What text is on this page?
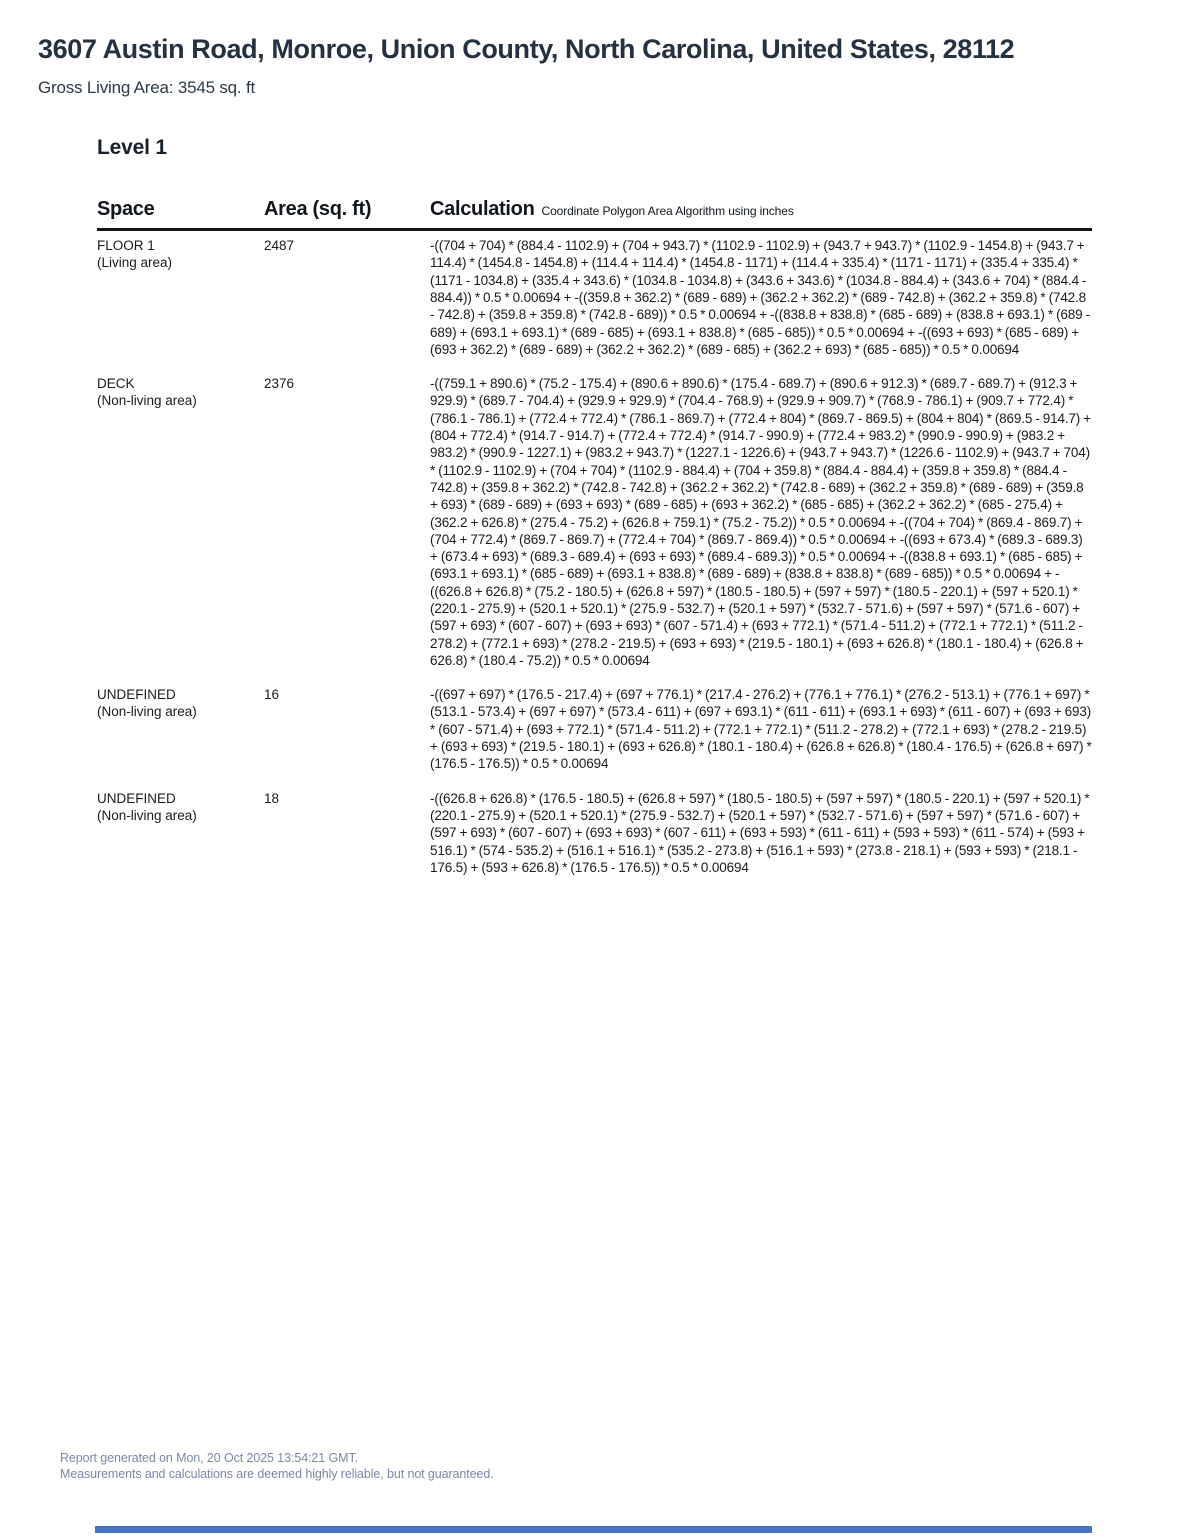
3607 Austin Road, Monroe, Union County, North Carolina, United States, 28112
Gross Living Area: 3545 sq. ft
Level 1
Space	Area (sq. ft)	Calculation Coordinate Polygon Area Algorithm using inches
FLOOR 1
(Living area)
2487	-((704 + 704) * (884.4 - 1102.9) + (704 + 943.7) * (1102.9 - 1102.9) + (943.7 + 943.7) * (1102.9 - 1454.8) + (943.7 + 114.4) * (1454.8 - 1454.8) + (114.4 + 114.4) * (1454.8 - 1171) + (114.4 + 335.4) * (1171 - 1171) + (335.4 + 335.4) * (1171 - 1034.8) + (335.4 + 343.6) * (1034.8 - 1034.8) + (343.6 + 343.6) * (1034.8 - 884.4) + (343.6 + 704) * (884.4 - 884.4)) * 0.5 * 0.00694 + -((359.8 + 362.2) * (689 - 689) + (362.2 + 362.2) * (689 - 742.8) + (362.2 + 359.8) * (742.8 - 742.8) + (359.8 + 359.8) * (742.8 - 689)) * 0.5 * 0.00694 + -((838.8 + 838.8) * (685 - 689) + (838.8 + 693.1) * (689 - 689) + (693.1 + 693.1) * (689 - 685) + (693.1 + 838.8) * (685 - 685)) * 0.5 * 0.00694 + -((693 + 693) * (685 - 689) + (693 + 362.2) * (689 - 689) + (362.2 + 362.2) * (689 - 685) + (362.2 + 693) * (685 - 685)) * 0.5 * 0.00694
DECK
(Non-living area)
2376	-((759.1 + 890.6) * (75.2 - 175.4) + (890.6 + 890.6) * (175.4 - 689.7) + (890.6 + 912.3) * (689.7 - 689.7) + (912.3 + 929.9) * (689.7 - 704.4) + (929.9 + 929.9) * (704.4 - 768.9) + (929.9 + 909.7) * (768.9 - 786.1) + (909.7 + 772.4) * (786.1 - 786.1) + (772.4 + 772.4) * (786.1 - 869.7) + (772.4 + 804) * (869.7 - 869.5) + (804 + 804) * (869.5 - 914.7) + (804 + 772.4) * (914.7 - 914.7) + (772.4 + 772.4) * (914.7 - 990.9) + (772.4 + 983.2) * (990.9 - 990.9) + (983.2 + 983.2) * (990.9 - 1227.1) + (983.2 + 943.7) * (1227.1 - 1226.6) + (943.7 + 943.7) * (1226.6 - 1102.9) + (943.7 + 704) * (1102.9 - 1102.9) + (704 + 704) * (1102.9 - 884.4) + (704 + 359.8) * (884.4 - 884.4) + (359.8 + 359.8) * (884.4 - 742.8) + (359.8 + 362.2) * (742.8 - 742.8) + (362.2 + 362.2) * (742.8 - 689) + (362.2 + 359.8) * (689 - 689) + (359.8 + 693) * (689 - 689) + (693 + 693) * (689 - 685) + (693 + 362.2) * (685 - 685) + (362.2 + 362.2) * (685 - 275.4) + (362.2 + 626.8) * (275.4 - 75.2) + (626.8 + 759.1) * (75.2 - 75.2)) * 0.5 * 0.00694 + -((704 + 704) * (869.4 - 869.7) + (704 + 772.4) * (869.7 - 869.7) + (772.4 + 704) * (869.7 - 869.4)) * 0.5 * 0.00694 + -((693 + 673.4) * (689.3 - 689.3) + (673.4 + 693) * (689.3 - 689.4) + (693 + 693) * (689.4 - 689.3)) * 0.5 * 0.00694 + -((838.8 + 693.1) * (685 - 685) + (693.1 + 693.1) * (685 - 689) + (693.1 + 838.8) * (689 - 689) + (838.8 + 838.8) * (689 - 685)) * 0.5 * 0.00694 + -((626.8 + 626.8) * (75.2 - 180.5) + (626.8 + 597) * (180.5 - 180.5) + (597 + 597) * (180.5 - 220.1) + (597 + 520.1) * (220.1 - 275.9) + (520.1 + 520.1) * (275.9 - 532.7) + (520.1 + 597) * (532.7 - 571.6) + (597 + 597) * (571.6 - 607) + (597 + 693) * (607 - 607) + (693 + 693) * (607 - 571.4) + (693 + 772.1) * (571.4 - 511.2) + (772.1 + 772.1) * (511.2 - 278.2) + (772.1 + 693) * (278.2 - 219.5) + (693 + 693) * (219.5 - 180.1) + (693 + 626.8) * (180.1 - 180.4) + (626.8 + 626.8) * (180.4 - 75.2)) * 0.5 * 0.00694
UNDEFINED
(Non-living area)
16	-((697 + 697) * (176.5 - 217.4) + (697 + 776.1) * (217.4 - 276.2) + (776.1 + 776.1) * (276.2 - 513.1) + (776.1 + 697) * (513.1 - 573.4) + (697 + 697) * (573.4 - 611) + (697 + 693.1) * (611 - 611) + (693.1 + 693) * (611 - 607) + (693 + 693) * (607 - 571.4) + (693 + 772.1) * (571.4 - 511.2) + (772.1 + 772.1) * (511.2 - 278.2) + (772.1 + 693) * (278.2 - 219.5) + (693 + 693) * (219.5 - 180.1) + (693 + 626.8) * (180.1 - 180.4) + (626.8 + 626.8) * (180.4 - 176.5) + (626.8 + 697) * (176.5 - 176.5)) * 0.5 * 0.00694
UNDEFINED
(Non-living area)
18	-((626.8 + 626.8) * (176.5 - 180.5) + (626.8 + 597) * (180.5 - 180.5) + (597 + 597) * (180.5 - 220.1) + (597 + 520.1) * (220.1 - 275.9) + (520.1 + 520.1) * (275.9 - 532.7) + (520.1 + 597) * (532.7 - 571.6) + (597 + 597) * (571.6 - 607) + (597 + 693) * (607 - 607) + (693 + 693) * (607 - 611) + (693 + 593) * (611 - 611) + (593 + 593) * (611 - 574) + (593 + 516.1) * (574 - 535.2) + (516.1 + 516.1) * (535.2 - 273.8) + (516.1 + 593) * (273.8 - 218.1) + (593 + 593) * (218.1 - 176.5) + (593 + 626.8) * (176.5 - 176.5)) * 0.5 * 0.00694
Report generated on Mon, 20 Oct 2025 13:54:21 GMT.
Measurements and calculations are deemed highly reliable, but not guaranteed.
